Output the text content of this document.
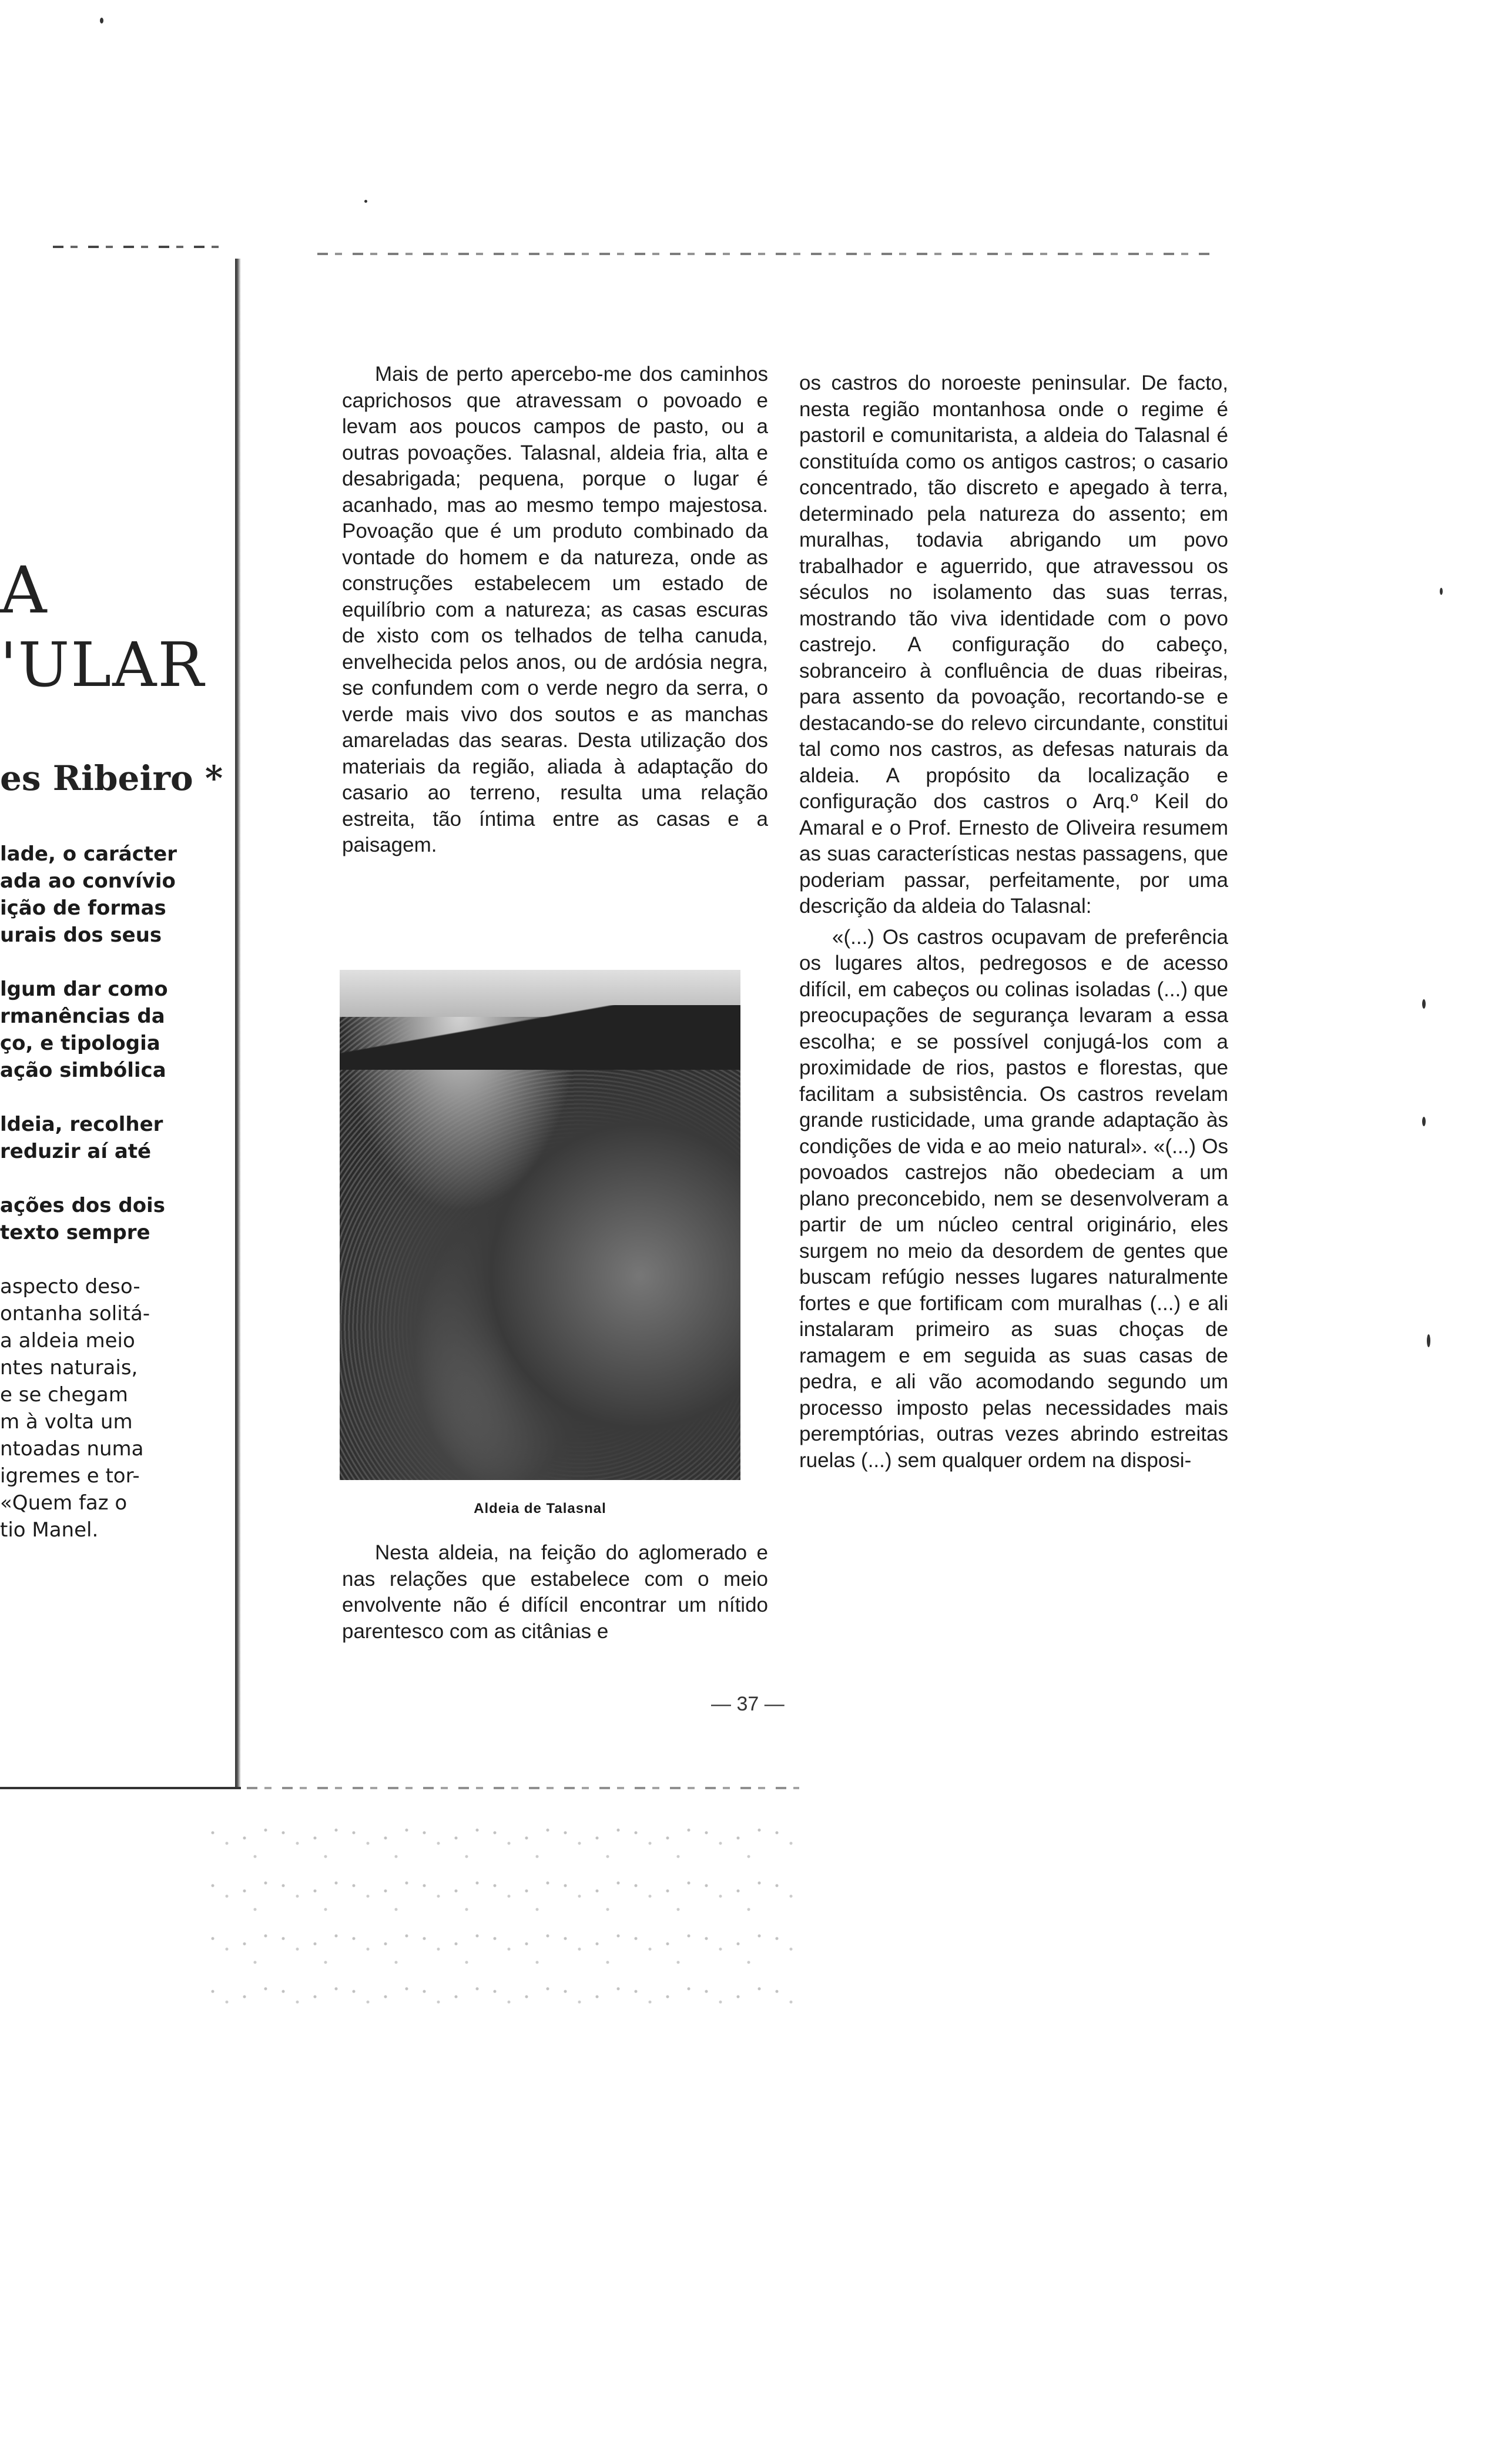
A
'ULAR
es Ribeiro *
lade, o carácter
ada ao convívio
ição de formas
urais dos seus
lgum dar como
rmanências da
ço, e tipologia
ação simbólica
ldeia, recolher
reduzir aí até
ações dos dois
texto sempre
aspecto deso-
ontanha solitá-
a aldeia meio
ntes naturais,
e se chegam
m à volta um
ntoadas numa
igremes e tor-
«Quem faz o
tio Manel.

Mais de perto apercebo-me dos caminhos caprichosos que atravessam o povoado e levam aos poucos campos de pasto, ou a outras povoações. Talasnal, aldeia fria, alta e desabrigada; pequena, porque o lugar é acanhado, mas ao mesmo tempo majestosa. Povoação que é um produto combinado da vontade do homem e da natureza, onde as construções estabelecem um estado de equilíbrio com a natureza; as casas escuras de xisto com os telhados de telha canuda, envelhecida pelos anos, ou de ardósia negra, se confundem com o verde negro da serra, o verde mais vivo dos soutos e as manchas amareladas das searas. Desta utilização dos materiais da região, aliada à adaptação do casario ao terreno, resulta uma relação estreita, tão íntima entre as casas e a paisagem.

Aldeia de Talasnal

Nesta aldeia, na feição do aglomerado e nas relações que estabelece com o meio envolvente não é difícil encontrar um nítido parentesco com as citânias e

os castros do noroeste peninsular. De facto, nesta região montanhosa onde o regime é pastoril e comunitarista, a aldeia do Talasnal é constituída como os antigos castros; o casario concentrado, tão discreto e apegado à terra, determinado pela natureza do assento; em muralhas, todavia abrigando um povo trabalhador e aguerrido, que atravessou os séculos no isolamento das suas terras, mostrando tão viva identidade com o povo castrejo. A configuração do cabeço, sobranceiro à confluência de duas ribeiras, para assento da povoação, recortando-se e destacando-se do relevo circundante, constitui tal como nos castros, as defesas naturais da aldeia. A propósito da localização e configuração dos castros o Arq.º Keil do Amaral e o Prof. Ernesto de Oliveira resumem as suas características nestas passagens, que poderiam passar, perfeitamente, por uma descrição da aldeia do Talasnal:

«(...) Os castros ocupavam de preferência os lugares altos, pedregosos e de acesso difícil, em cabeços ou colinas isoladas (...) que preocupações de segurança levaram a essa escolha; e se possível conjugá-los com a proximidade de rios, pastos e florestas, que facilitam a subsistência. Os castros revelam grande rusticidade, uma grande adaptação às condições de vida e ao meio natural». «(...) Os povoados castrejos não obedeciam a um plano preconcebido, nem se desenvolveram a partir de um núcleo central originário, eles surgem no meio da desordem de gentes que buscam refúgio nesses lugares naturalmente fortes e que fortificam com muralhas (...) e ali instalaram primeiro as suas choças de ramagem e em seguida as suas casas de pedra, e ali vão acomodando segundo um processo imposto pelas necessidades mais peremptórias, outras vezes abrindo estreitas ruelas (...) sem qualquer ordem na disposi-

— 37 —
